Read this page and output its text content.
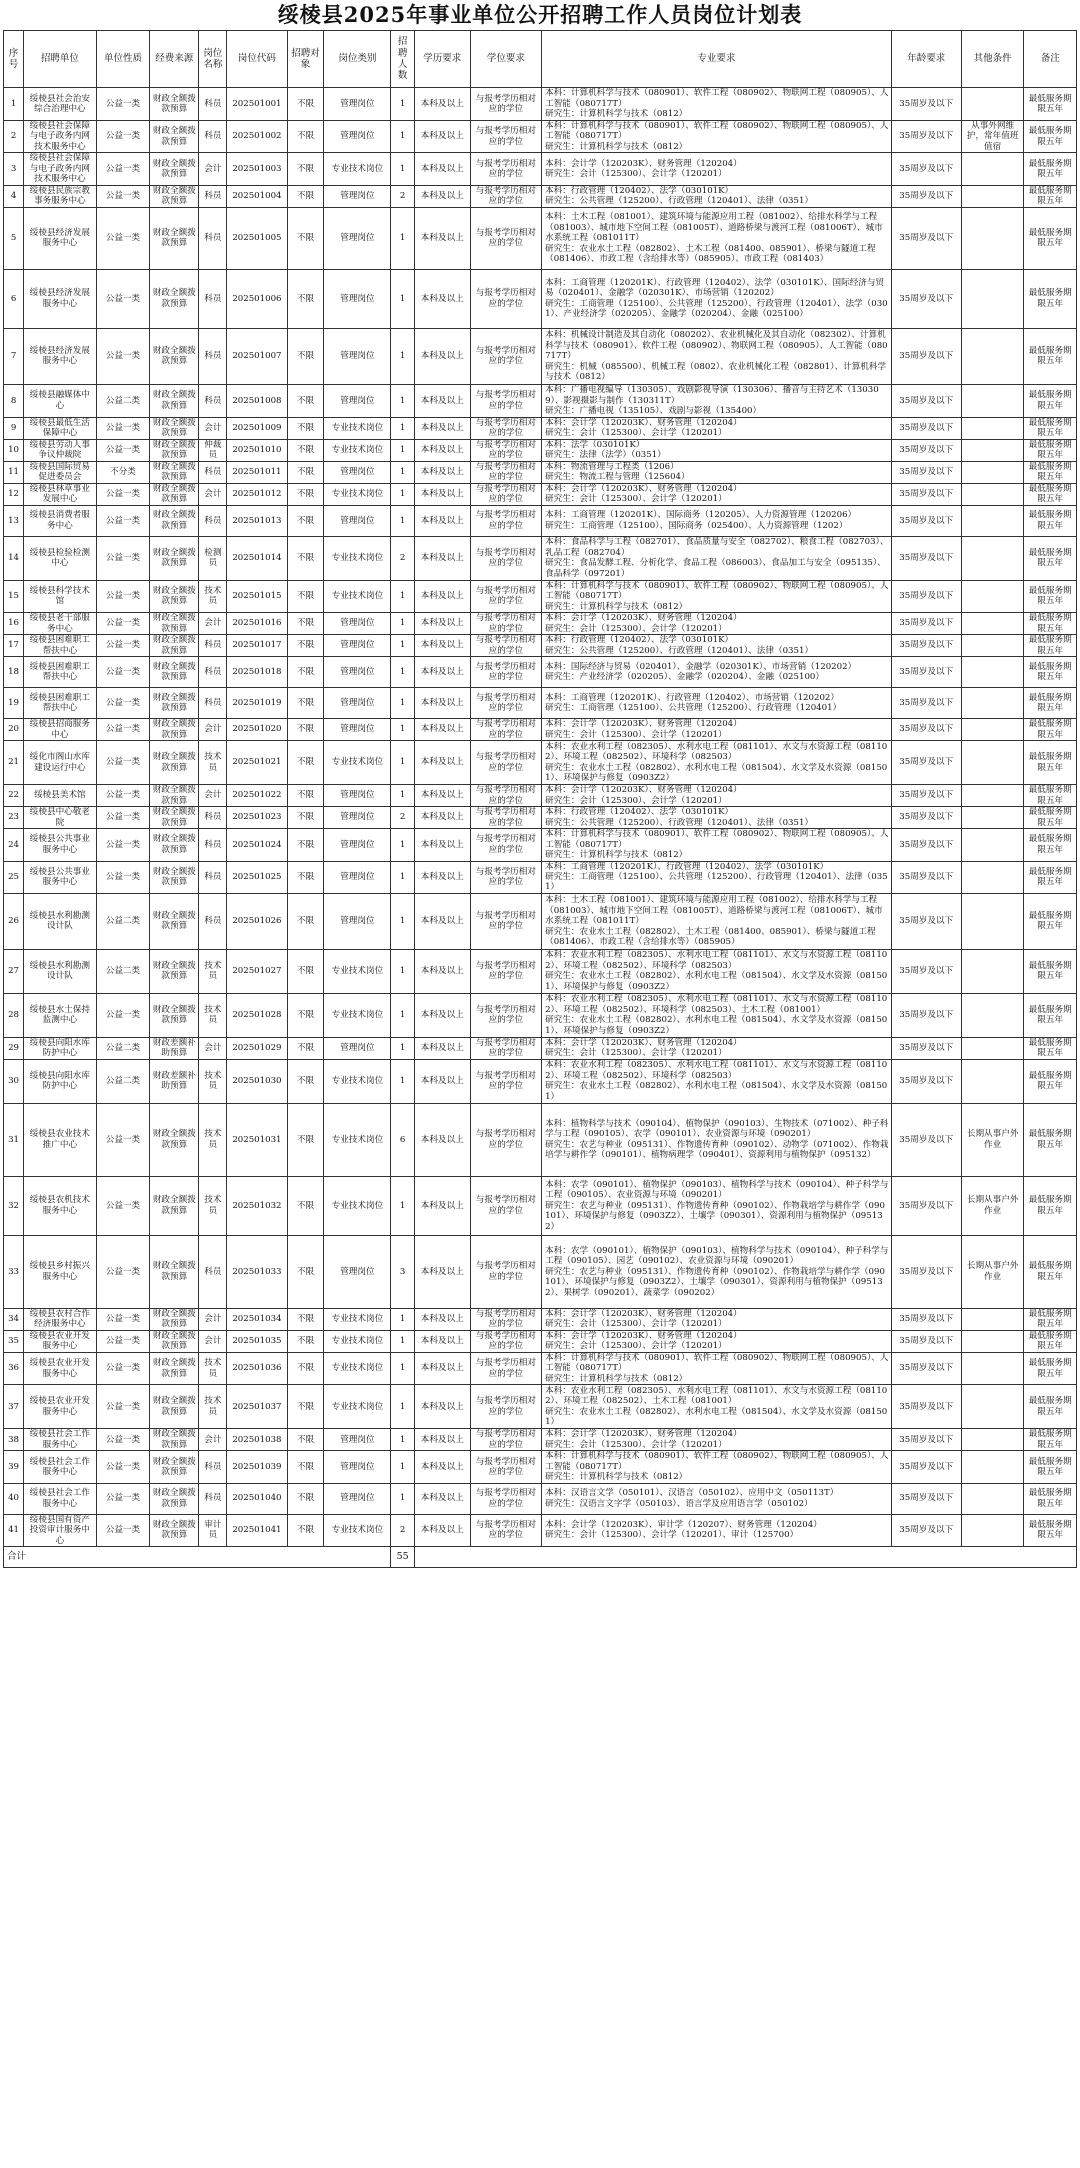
绥棱县2025年事业单位公开招聘工作人员岗位计划表
序号	招聘单位	单位性质	经费来源	岗位名称	岗位代码	招聘对象	岗位类别	招聘人数	学历要求	学位要求	专业要求	年龄要求	其他条件	备注
1	绥棱县社会治安综合治理中心	公益一类	财政全额拨款预算	科员	202501001	不限	管理岗位	1	本科及以上	与报考学历相对应的学位	本科：计算机科学与技术（080901）、软件工程（080902）、物联网工程（080905）、人工智能（080717T）
研究生：计算机科学与技术（0812）	35周岁及以下		最低服务期限五年
2	绥棱县社会保障与电子政务内网技术服务中心	公益一类	财政全额拨款预算	科员	202501002	不限	管理岗位	1	本科及以上	与报考学历相对应的学位	本科：计算机科学与技术（080901）、软件工程（080902）、物联网工程（080905）、人工智能（080717T）
研究生：计算机科学与技术（0812）	35周岁及以下	从事外网维护，常年值班值宿	最低服务期限五年
3	绥棱县社会保障与电子政务内网技术服务中心	公益一类	财政全额拨款预算	会计	202501003	不限	专业技术岗位	1	本科及以上	与报考学历相对应的学位	本科：会计学（120203K）、财务管理（120204）
研究生：会计（125300）、会计学（120201）	35周岁及以下		最低服务期限五年
4	绥棱县民族宗教事务服务中心	公益一类	财政全额拨款预算	科员	202501004	不限	管理岗位	2	本科及以上	与报考学历相对应的学位	本科：行政管理（120402）、法学（030101K）
研究生：公共管理（125200）、行政管理（120401）、法律（0351）	35周岁及以下		最低服务期限五年
5	绥棱县经济发展服务中心	公益一类	财政全额拨款预算	科员	202501005	不限	管理岗位	1	本科及以上	与报考学历相对应的学位	本科：土木工程（081001）、建筑环境与能源应用工程（081002）、给排水科学与工程（081003）、城市地下空间工程（081005T）、道路桥梁与渡河工程（081006T）、城市水系统工程（081011T）
研究生：农业水土工程（082802）、土木工程（081400、085901）、桥梁与隧道工程（081406）、市政工程（含给排水等）（085905）、市政工程（081403）	35周岁及以下		最低服务期限五年
6	绥棱县经济发展服务中心	公益一类	财政全额拨款预算	科员	202501006	不限	管理岗位	1	本科及以上	与报考学历相对应的学位	本科：工商管理（120201K）、行政管理（120402）、法学（030101K）、国际经济与贸易（020401）、金融学（020301K）、市场营销（120202）
研究生：工商管理（125100）、公共管理（125200）、行政管理（120401）、法学（0301）、产业经济学（020205）、金融学（020204）、金融（025100）	35周岁及以下		最低服务期限五年
7	绥棱县经济发展服务中心	公益一类	财政全额拨款预算	科员	202501007	不限	管理岗位	1	本科及以上	与报考学历相对应的学位	本科：机械设计制造及其自动化（080202）、农业机械化及其自动化（082302）、计算机科学与技术（080901）、软件工程（080902）、物联网工程（080905）、人工智能（080717T）
研究生：机械（085500）、机械工程（0802）、农业机械化工程（082801）、计算机科学与技术（0812）	35周岁及以下		最低服务期限五年
8	绥棱县融媒体中心	公益二类	财政全额拨款预算	科员	202501008	不限	管理岗位	1	本科及以上	与报考学历相对应的学位	本科：广播电视编导（130305）、戏剧影视导演（130306）、播音与主持艺术（130309）、影视摄影与制作（130311T）
研究生：广播电视（135105）、戏剧与影视（135400）	35周岁及以下		最低服务期限五年
9	绥棱县最低生活保障中心	公益一类	财政全额拨款预算	会计	202501009	不限	专业技术岗位	1	本科及以上	与报考学历相对应的学位	本科：会计学（120203K）、财务管理（120204）
研究生：会计（125300）、会计学（120201）	35周岁及以下		最低服务期限五年
10	绥棱县劳动人事争议仲裁院	公益一类	财政全额拨款预算	仲裁员	202501010	不限	专业技术岗位	1	本科及以上	与报考学历相对应的学位	本科：法学（030101K）
研究生：法律（法学）（0351）	35周岁及以下		最低服务期限五年
11	绥棱县国际贸易促进委员会	不分类	财政全额拨款预算	科员	202501011	不限	管理岗位	1	本科及以上	与报考学历相对应的学位	本科：物流管理与工程类（1206）
研究生：物流工程与管理（125604）	35周岁及以下		最低服务期限五年
12	绥棱县林草事业发展中心	公益一类	财政全额拨款预算	会计	202501012	不限	专业技术岗位	1	本科及以上	与报考学历相对应的学位	本科：会计学（120203K）、财务管理（120204）
研究生：会计（125300）、会计学（120201）	35周岁及以下		最低服务期限五年
13	绥棱县消费者服务中心	公益一类	财政全额拨款预算	科员	202501013	不限	管理岗位	1	本科及以上	与报考学历相对应的学位	本科：工商管理（120201K）、国际商务（120205）、人力资源管理（120206）
研究生：工商管理（125100）、国际商务（025400）、人力资源管理（1202）	35周岁及以下		最低服务期限五年
14	绥棱县检验检测中心	公益一类	财政全额拨款预算	检测员	202501014	不限	专业技术岗位	2	本科及以上	与报考学历相对应的学位	本科：食品科学与工程（082701）、食品质量与安全（082702）、粮食工程（082703）、乳品工程（082704）
研究生：食品发酵工程、分析化学、食品工程（086003）、食品加工与安全（095135）、食品科学（097201）	35周岁及以下		最低服务期限五年
15	绥棱县科学技术馆	公益一类	财政全额拨款预算	技术员	202501015	不限	专业技术岗位	1	本科及以上	与报考学历相对应的学位	本科：计算机科学与技术（080901）、软件工程（080902）、物联网工程（080905）、人工智能（080717T）
研究生：计算机科学与技术（0812）	35周岁及以下		最低服务期限五年
16	绥棱县老干部服务中心	公益一类	财政全额拨款预算	会计	202501016	不限	管理岗位	1	本科及以上	与报考学历相对应的学位	本科：会计学（120203K）、财务管理（120204）
研究生：会计（125300）、会计学（120201）	35周岁及以下		最低服务期限五年
17	绥棱县困难职工帮扶中心	公益一类	财政全额拨款预算	科员	202501017	不限	管理岗位	1	本科及以上	与报考学历相对应的学位	本科：行政管理（120402）、法学（030101K）
研究生：公共管理（125200）、行政管理（120401）、法律（0351）	35周岁及以下		最低服务期限五年
18	绥棱县困难职工帮扶中心	公益一类	财政全额拨款预算	科员	202501018	不限	管理岗位	1	本科及以上	与报考学历相对应的学位	本科：国际经济与贸易（020401）、金融学（020301K）、市场营销（120202）
研究生：产业经济学（020205）、金融学（020204）、金融（025100）	35周岁及以下		最低服务期限五年
19	绥棱县困难职工帮扶中心	公益一类	财政全额拨款预算	科员	202501019	不限	管理岗位	1	本科及以上	与报考学历相对应的学位	本科：工商管理（120201K）、行政管理（120402）、市场营销（120202）
研究生：工商管理（125100）、公共管理（125200）、行政管理（120401）	35周岁及以下		最低服务期限五年
20	绥棱县招商服务中心	公益一类	财政全额拨款预算	会计	202501020	不限	管理岗位	1	本科及以上	与报考学历相对应的学位	本科：会计学（120203K）、财务管理（120204）
研究生：会计（125300）、会计学（120201）	35周岁及以下		最低服务期限五年
21	绥化市阁山水库建设运行中心	公益一类	财政全额拨款预算	技术员	202501021	不限	专业技术岗位	1	本科及以上	与报考学历相对应的学位	本科：农业水利工程（082305）、水利水电工程（081101）、水文与水资源工程（081102）、环境工程（082502）、环境科学（082503）
研究生：农业水土工程（082802）、水利水电工程（081504）、水文学及水资源（081501）、环境保护与修复（0903Z2）	35周岁及以下		最低服务期限五年
22	绥棱县美术馆	公益一类	财政全额拨款预算	会计	202501022	不限	管理岗位	1	本科及以上	与报考学历相对应的学位	本科：会计学（120203K）、财务管理（120204）
研究生：会计（125300）、会计学（120201）	35周岁及以下		最低服务期限五年
23	绥棱县中心敬老院	公益一类	财政全额拨款预算	科员	202501023	不限	管理岗位	2	本科及以上	与报考学历相对应的学位	本科：行政管理（120402）、法学（030101K）
研究生：公共管理（125200）、行政管理（120401）、法律（0351）	35周岁及以下		最低服务期限五年
24	绥棱县公共事业服务中心	公益一类	财政全额拨款预算	科员	202501024	不限	管理岗位	1	本科及以上	与报考学历相对应的学位	本科：计算机科学与技术（080901）、软件工程（080902）、物联网工程（080905）、人工智能（080717T）
研究生：计算机科学与技术（0812）	35周岁及以下		最低服务期限五年
25	绥棱县公共事业服务中心	公益一类	财政全额拨款预算	科员	202501025	不限	管理岗位	1	本科及以上	与报考学历相对应的学位	本科：工商管理（120201K）、行政管理（120402）、法学（030101K）
研究生：工商管理（125100）、公共管理（125200）、行政管理（120401）、法律（0351）	35周岁及以下		最低服务期限五年
26	绥棱县水利勘测设计队	公益二类	财政全额拨款预算	科员	202501026	不限	管理岗位	1	本科及以上	与报考学历相对应的学位	本科：土木工程（081001）、建筑环境与能源应用工程（081002）、给排水科学与工程（081003）、城市地下空间工程（081005T）、道路桥梁与渡河工程（081006T）、城市水系统工程（081011T）
研究生：农业水土工程（082802）、土木工程（081400、085901）、桥梁与隧道工程（081406）、市政工程（含给排水等）（085905）	35周岁及以下		最低服务期限五年
27	绥棱县水利勘测设计队	公益二类	财政全额拨款预算	技术员	202501027	不限	专业技术岗位	1	本科及以上	与报考学历相对应的学位	本科：农业水利工程（082305）、水利水电工程（081101）、水文与水资源工程（081102）、环境工程（082502）、环境科学（082503）
研究生：农业水土工程（082802）、水利水电工程（081504）、水文学及水资源（081501）、环境保护与修复（0903Z2）	35周岁及以下		最低服务期限五年
28	绥棱县水土保持监测中心	公益一类	财政全额拨款预算	技术员	202501028	不限	专业技术岗位	1	本科及以上	与报考学历相对应的学位	本科：农业水利工程（082305）、水利水电工程（081101）、水文与水资源工程（081102）、环境工程（082502）、环境科学（082503）、土木工程（081001）
研究生：农业水土工程（082802）、水利水电工程（081504）、水文学及水资源（081501）、环境保护与修复（0903Z2）	35周岁及以下		最低服务期限五年
29	绥棱县向阳水库防护中心	公益二类	财政差额补助预算	会计	202501029	不限	管理岗位	1	本科及以上	与报考学历相对应的学位	本科：会计学（120203K）、财务管理（120204）
研究生：会计（125300）、会计学（120201）	35周岁及以下		最低服务期限五年
30	绥棱县向阳水库防护中心	公益二类	财政差额补助预算	技术员	202501030	不限	专业技术岗位	1	本科及以上	与报考学历相对应的学位	本科：农业水利工程（082305）、水利水电工程（081101）、水文与水资源工程（081102）、环境工程（082502）、环境科学（082503）
研究生：农业水土工程（082802）、水利水电工程（081504）、水文学及水资源（081501）	35周岁及以下		最低服务期限五年
31	绥棱县农业技术推广中心	公益一类	财政全额拨款预算	技术员	202501031	不限	专业技术岗位	6	本科及以上	与报考学历相对应的学位	本科：植物科学与技术（090104）、植物保护（090103）、生物技术（071002）、种子科学与工程（090105）、农学（090101）、农业资源与环境（090201）
研究生：农艺与种业（095131）、作物遗传育种（090102）、动物学（071002）、作物栽培学与耕作学（090101）、植物病理学（090401）、资源利用与植物保护（095132）	35周岁及以下	长期从事户外作业	最低服务期限五年
32	绥棱县农机技术服务中心	公益一类	财政全额拨款预算	技术员	202501032	不限	专业技术岗位	1	本科及以上	与报考学历相对应的学位	本科：农学（090101）、植物保护（090103）、植物科学与技术（090104）、种子科学与工程（090105）、农业资源与环境（090201）
研究生：农艺与种业（095131）、作物遗传育种（090102）、作物栽培学与耕作学（090101）、环境保护与修复（0903Z2）、土壤学（090301）、资源利用与植物保护（095132）	35周岁及以下	长期从事户外作业	最低服务期限五年
33	绥棱县乡村振兴服务中心	公益一类	财政全额拨款预算	科员	202501033	不限	管理岗位	3	本科及以上	与报考学历相对应的学位	本科：农学（090101）、植物保护（090103）、植物科学与技术（090104）、种子科学与工程（090105）、园艺（090102）、农业资源与环境（090201）
研究生：农艺与种业（095131）、作物遗传育种（090102）、作物栽培学与耕作学（090101）、环境保护与修复（0903Z2）、土壤学（090301）、资源利用与植物保护（095132）、果树学（090201）、蔬菜学（090202）	35周岁及以下	长期从事户外作业	最低服务期限五年
34	绥棱县农村合作经济服务中心	公益一类	财政全额拨款预算	会计	202501034	不限	专业技术岗位	1	本科及以上	与报考学历相对应的学位	本科：会计学（120203K）、财务管理（120204）
研究生：会计（125300）、会计学（120201）	35周岁及以下		最低服务期限五年
35	绥棱县农业开发服务中心	公益一类	财政全额拨款预算	会计	202501035	不限	专业技术岗位	1	本科及以上	与报考学历相对应的学位	本科：会计学（120203K）、财务管理（120204）
研究生：会计（125300）、会计学（120201）	35周岁及以下		最低服务期限五年
36	绥棱县农业开发服务中心	公益一类	财政全额拨款预算	技术员	202501036	不限	专业技术岗位	1	本科及以上	与报考学历相对应的学位	本科：计算机科学与技术（080901）、软件工程（080902）、物联网工程（080905）、人工智能（080717T）
研究生：计算机科学与技术（0812）	35周岁及以下		最低服务期限五年
37	绥棱县农业开发服务中心	公益一类	财政全额拨款预算	技术员	202501037	不限	专业技术岗位	1	本科及以上	与报考学历相对应的学位	本科：农业水利工程（082305）、水利水电工程（081101）、水文与水资源工程（081102）、环境工程（082502）、土木工程（081001）
研究生：农业水土工程（082802）、水利水电工程（081504）、水文学及水资源（081501）	35周岁及以下		最低服务期限五年
38	绥棱县社会工作服务中心	公益一类	财政全额拨款预算	会计	202501038	不限	管理岗位	1	本科及以上	与报考学历相对应的学位	本科：会计学（120203K）、财务管理（120204）
研究生：会计（125300）、会计学（120201）	35周岁及以下		最低服务期限五年
39	绥棱县社会工作服务中心	公益一类	财政全额拨款预算	科员	202501039	不限	管理岗位	1	本科及以上	与报考学历相对应的学位	本科：计算机科学与技术（080901）、软件工程（080902）、物联网工程（080905）、人工智能（080717T）
研究生：计算机科学与技术（0812）	35周岁及以下		最低服务期限五年
40	绥棱县社会工作服务中心	公益一类	财政全额拨款预算	科员	202501040	不限	管理岗位	1	本科及以上	与报考学历相对应的学位	本科：汉语言文学（050101）、汉语言（050102）、应用中文（050113T）
研究生：汉语言文字学（050103）、语言学及应用语言学（050102）	35周岁及以下		最低服务期限五年
41	绥棱县国有资产投资审计服务中心	公益一类	财政全额拨款预算	审计员	202501041	不限	专业技术岗位	2	本科及以上	与报考学历相对应的学位	本科：会计学（120203K）、审计学（120207）、财务管理（120204）
研究生：会计（125300）、会计学（120201）、审计（125700）	35周岁及以下		最低服务期限五年
合计								55						
